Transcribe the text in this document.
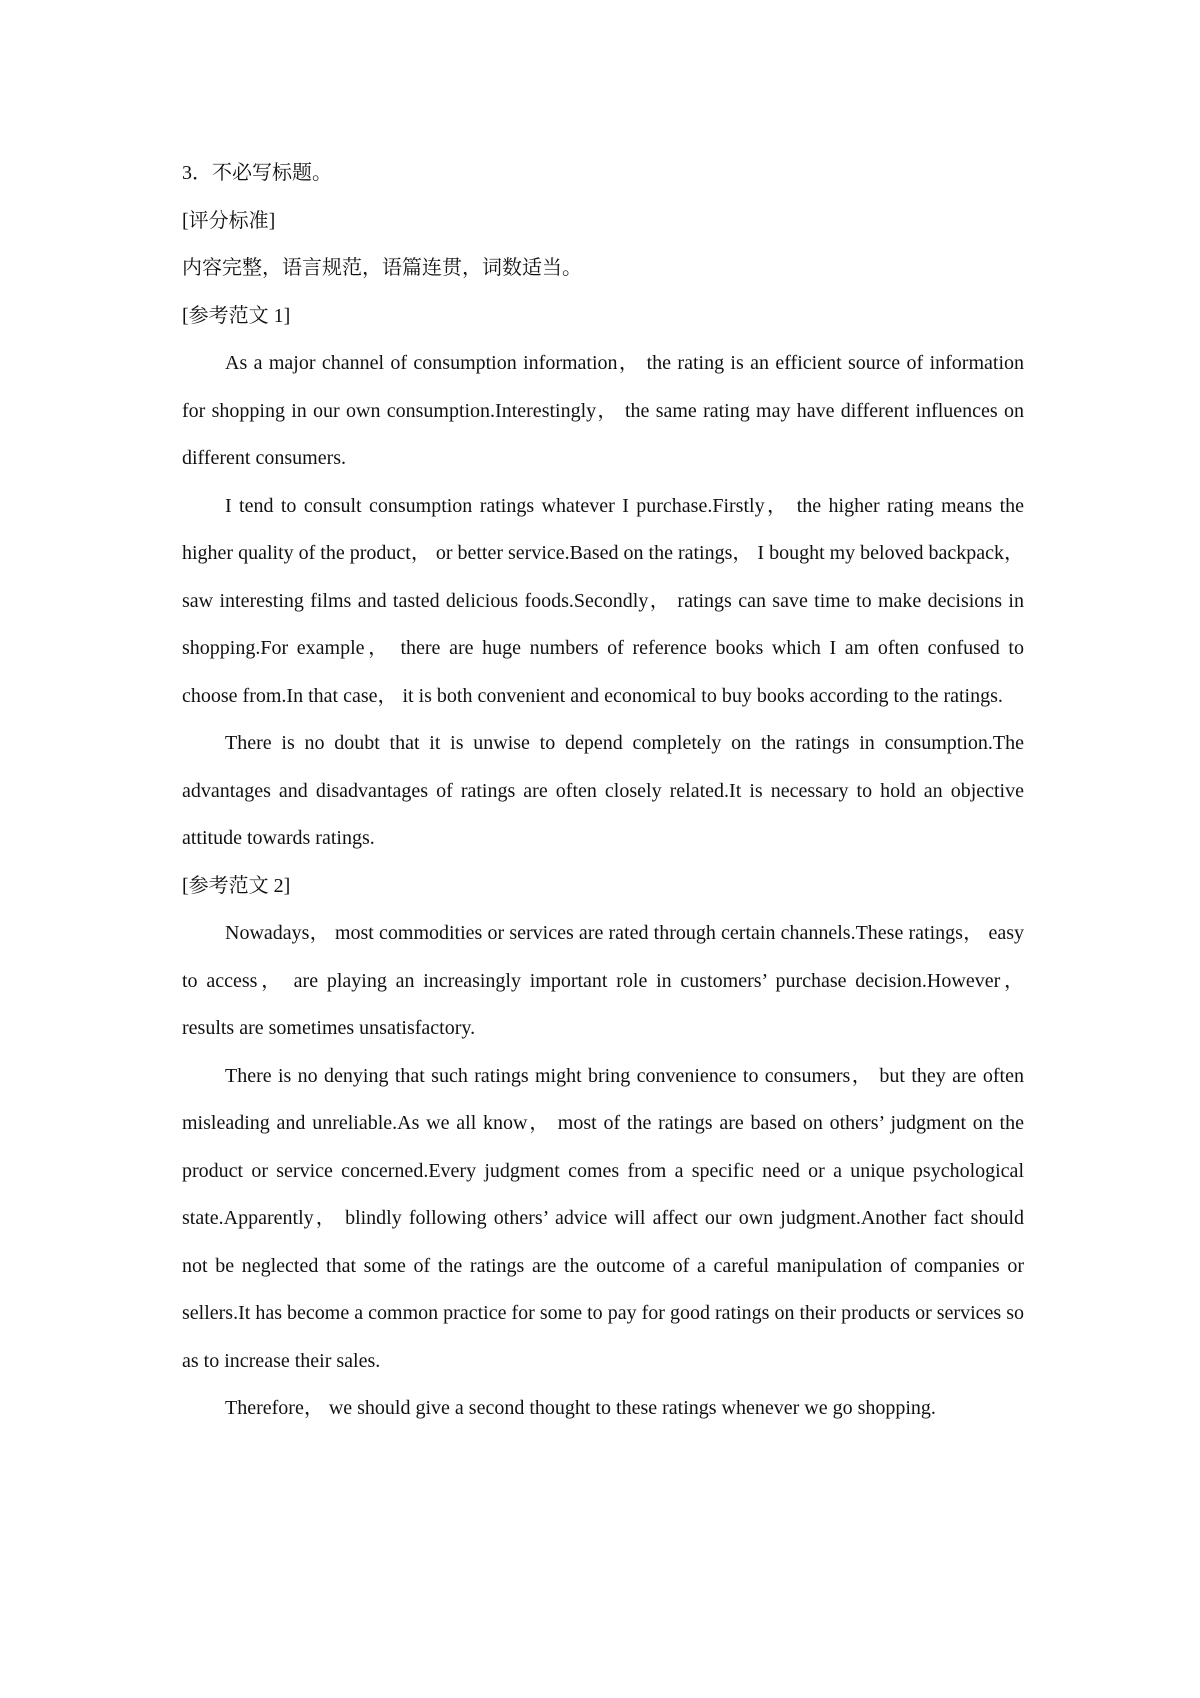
3．不必写标题。

[评分标准]

内容完整，语言规范，语篇连贯，词数适当。

[参考范文 1]

As a major channel of consumption information， the rating is an efficient source of information for shopping in our own consumption.Interestingly， the same rating may have different influences on different consumers.

I tend to consult consumption ratings whatever I purchase.Firstly， the higher rating means the higher quality of the product， or better service.Based on the ratings， I bought my beloved backpack， saw interesting films and tasted delicious foods.Secondly， ratings can save time to make decisions in shopping.For example， there are huge numbers of reference books which I am often confused to choose from.In that case， it is both convenient and economical to buy books according to the ratings.

There is no doubt that it is unwise to depend completely on the ratings in consumption.The advantages and disadvantages of ratings are often closely related.It is necessary to hold an objective attitude towards ratings.

[参考范文 2]

Nowadays， most commodities or services are rated through certain channels.These ratings， easy to access， are playing an increasingly important role in customers’ purchase decision.However， results are sometimes unsatisfactory.

There is no denying that such ratings might bring convenience to consumers， but they are often misleading and unreliable.As we all know， most of the ratings are based on others’ judgment on the product or service concerned.Every judgment comes from a specific need or a unique psychological state.Apparently， blindly following others’ advice will affect our own judgment.Another fact should not be neglected that some of the ratings are the outcome of a careful manipulation of companies or sellers.It has become a common practice for some to pay for good ratings on their products or services so as to increase their sales.

Therefore， we should give a second thought to these ratings whenever we go shopping.
